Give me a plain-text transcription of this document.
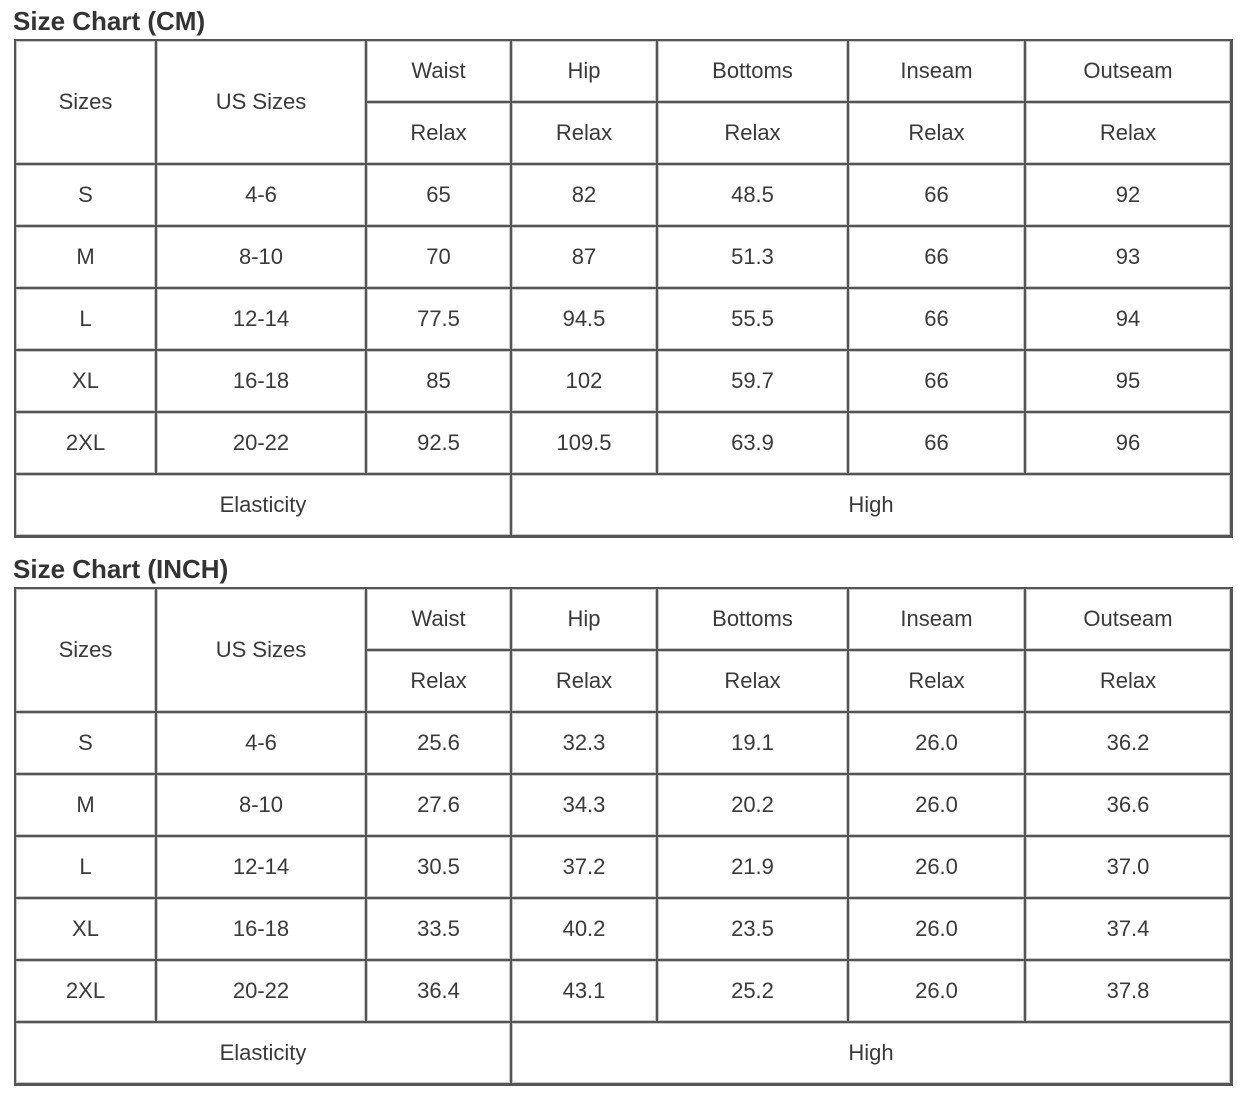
Size Chart (CM)
Sizes	US Sizes	Waist	Hip	Bottoms	Inseam	Outseam
		Relax	Relax	Relax	Relax	Relax
S	4-6	65	82	48.5	66	92
M	8-10	70	87	51.3	66	93
L	12-14	77.5	94.5	55.5	66	94
XL	16-18	85	102	59.7	66	95
2XL	20-22	92.5	109.5	63.9	66	96
Elasticity			High			
Size Chart (INCH)
Sizes	US Sizes	Waist	Hip	Bottoms	Inseam	Outseam
		Relax	Relax	Relax	Relax	Relax
S	4-6	25.6	32.3	19.1	26.0	36.2
M	8-10	27.6	34.3	20.2	26.0	36.6
L	12-14	30.5	37.2	21.9	26.0	37.0
XL	16-18	33.5	40.2	23.5	26.0	37.4
2XL	20-22	36.4	43.1	25.2	26.0	37.8
Elasticity			High			
